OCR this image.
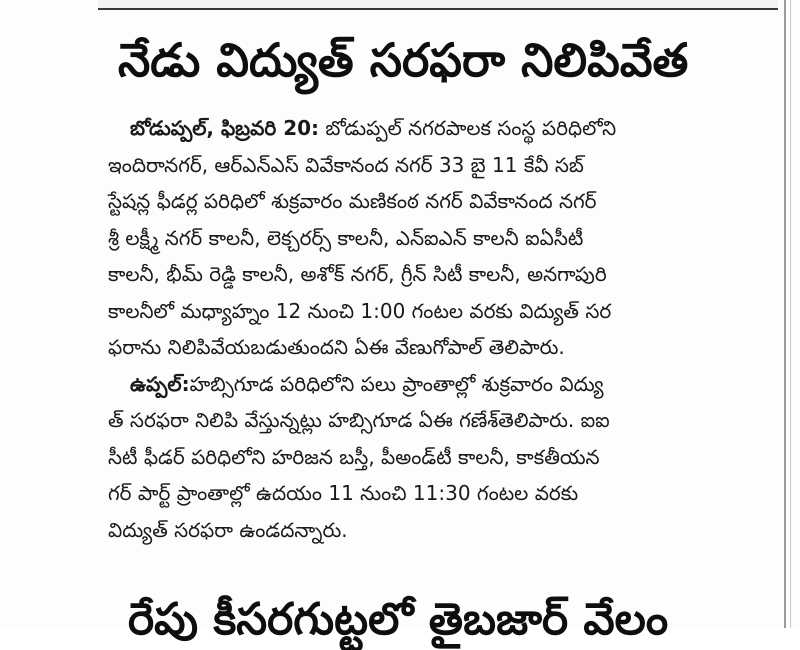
నేడు విద్యుత్ సరఫరా నిలిపివేత
బోడుప్పల్, ఫిబ్రవరి 20: బోడుప్పల్ నగరపాలక సంస్థ పరిధిలోని
ఇందిరానగర్, ఆర్ఎన్ఎస్ వివేకానంద నగర్ 33 బై 11 కేవీ సబ్
స్టేషన్ల ఫీడర్ల పరిధిలో శుక్రవారం మణికంఠ నగర్ వివేకానంద నగర్
శ్రీ లక్ష్మీ నగర్ కాలనీ, లెక్చరర్స్ కాలనీ, ఎన్ఐఎన్ కాలనీ ఐఏసీటీ
కాలనీ, భీమ్ రెడ్డి కాలనీ, అశోక్ నగర్, గ్రీన్ సిటీ కాలనీ, అనగాపురి
కాలనీలో మధ్యాహ్నం 12 నుంచి 1:00 గంటల వరకు విద్యుత్ సర
ఫరాను నిలిపివేయబడుతుందని ఏఈ వేణుగోపాల్ తెలిపారు.
ఉప్పల్:హబ్సిగూడ పరిధిలోని పలు ప్రాంతాల్లో శుక్రవారం విద్యు
త్ సరఫరా నిలిపి వేస్తున్నట్లు హబ్సిగూడ ఏఈ గణేశ్‌తెలిపారు. ఐఐ
సీటీ ఫీడర్ పరిధిలోని హరిజన బస్తీ, పీఅండ్‌టీ కాలనీ, కాకతీయన
గర్ పార్ట్ ప్రాంతాల్లో ఉదయం 11 నుంచి 11:30 గంటల వరకు
విద్యుత్ సరఫరా ఉండదన్నారు.
రేపు కీసరగుట్టలో తైబజార్ వేలం
